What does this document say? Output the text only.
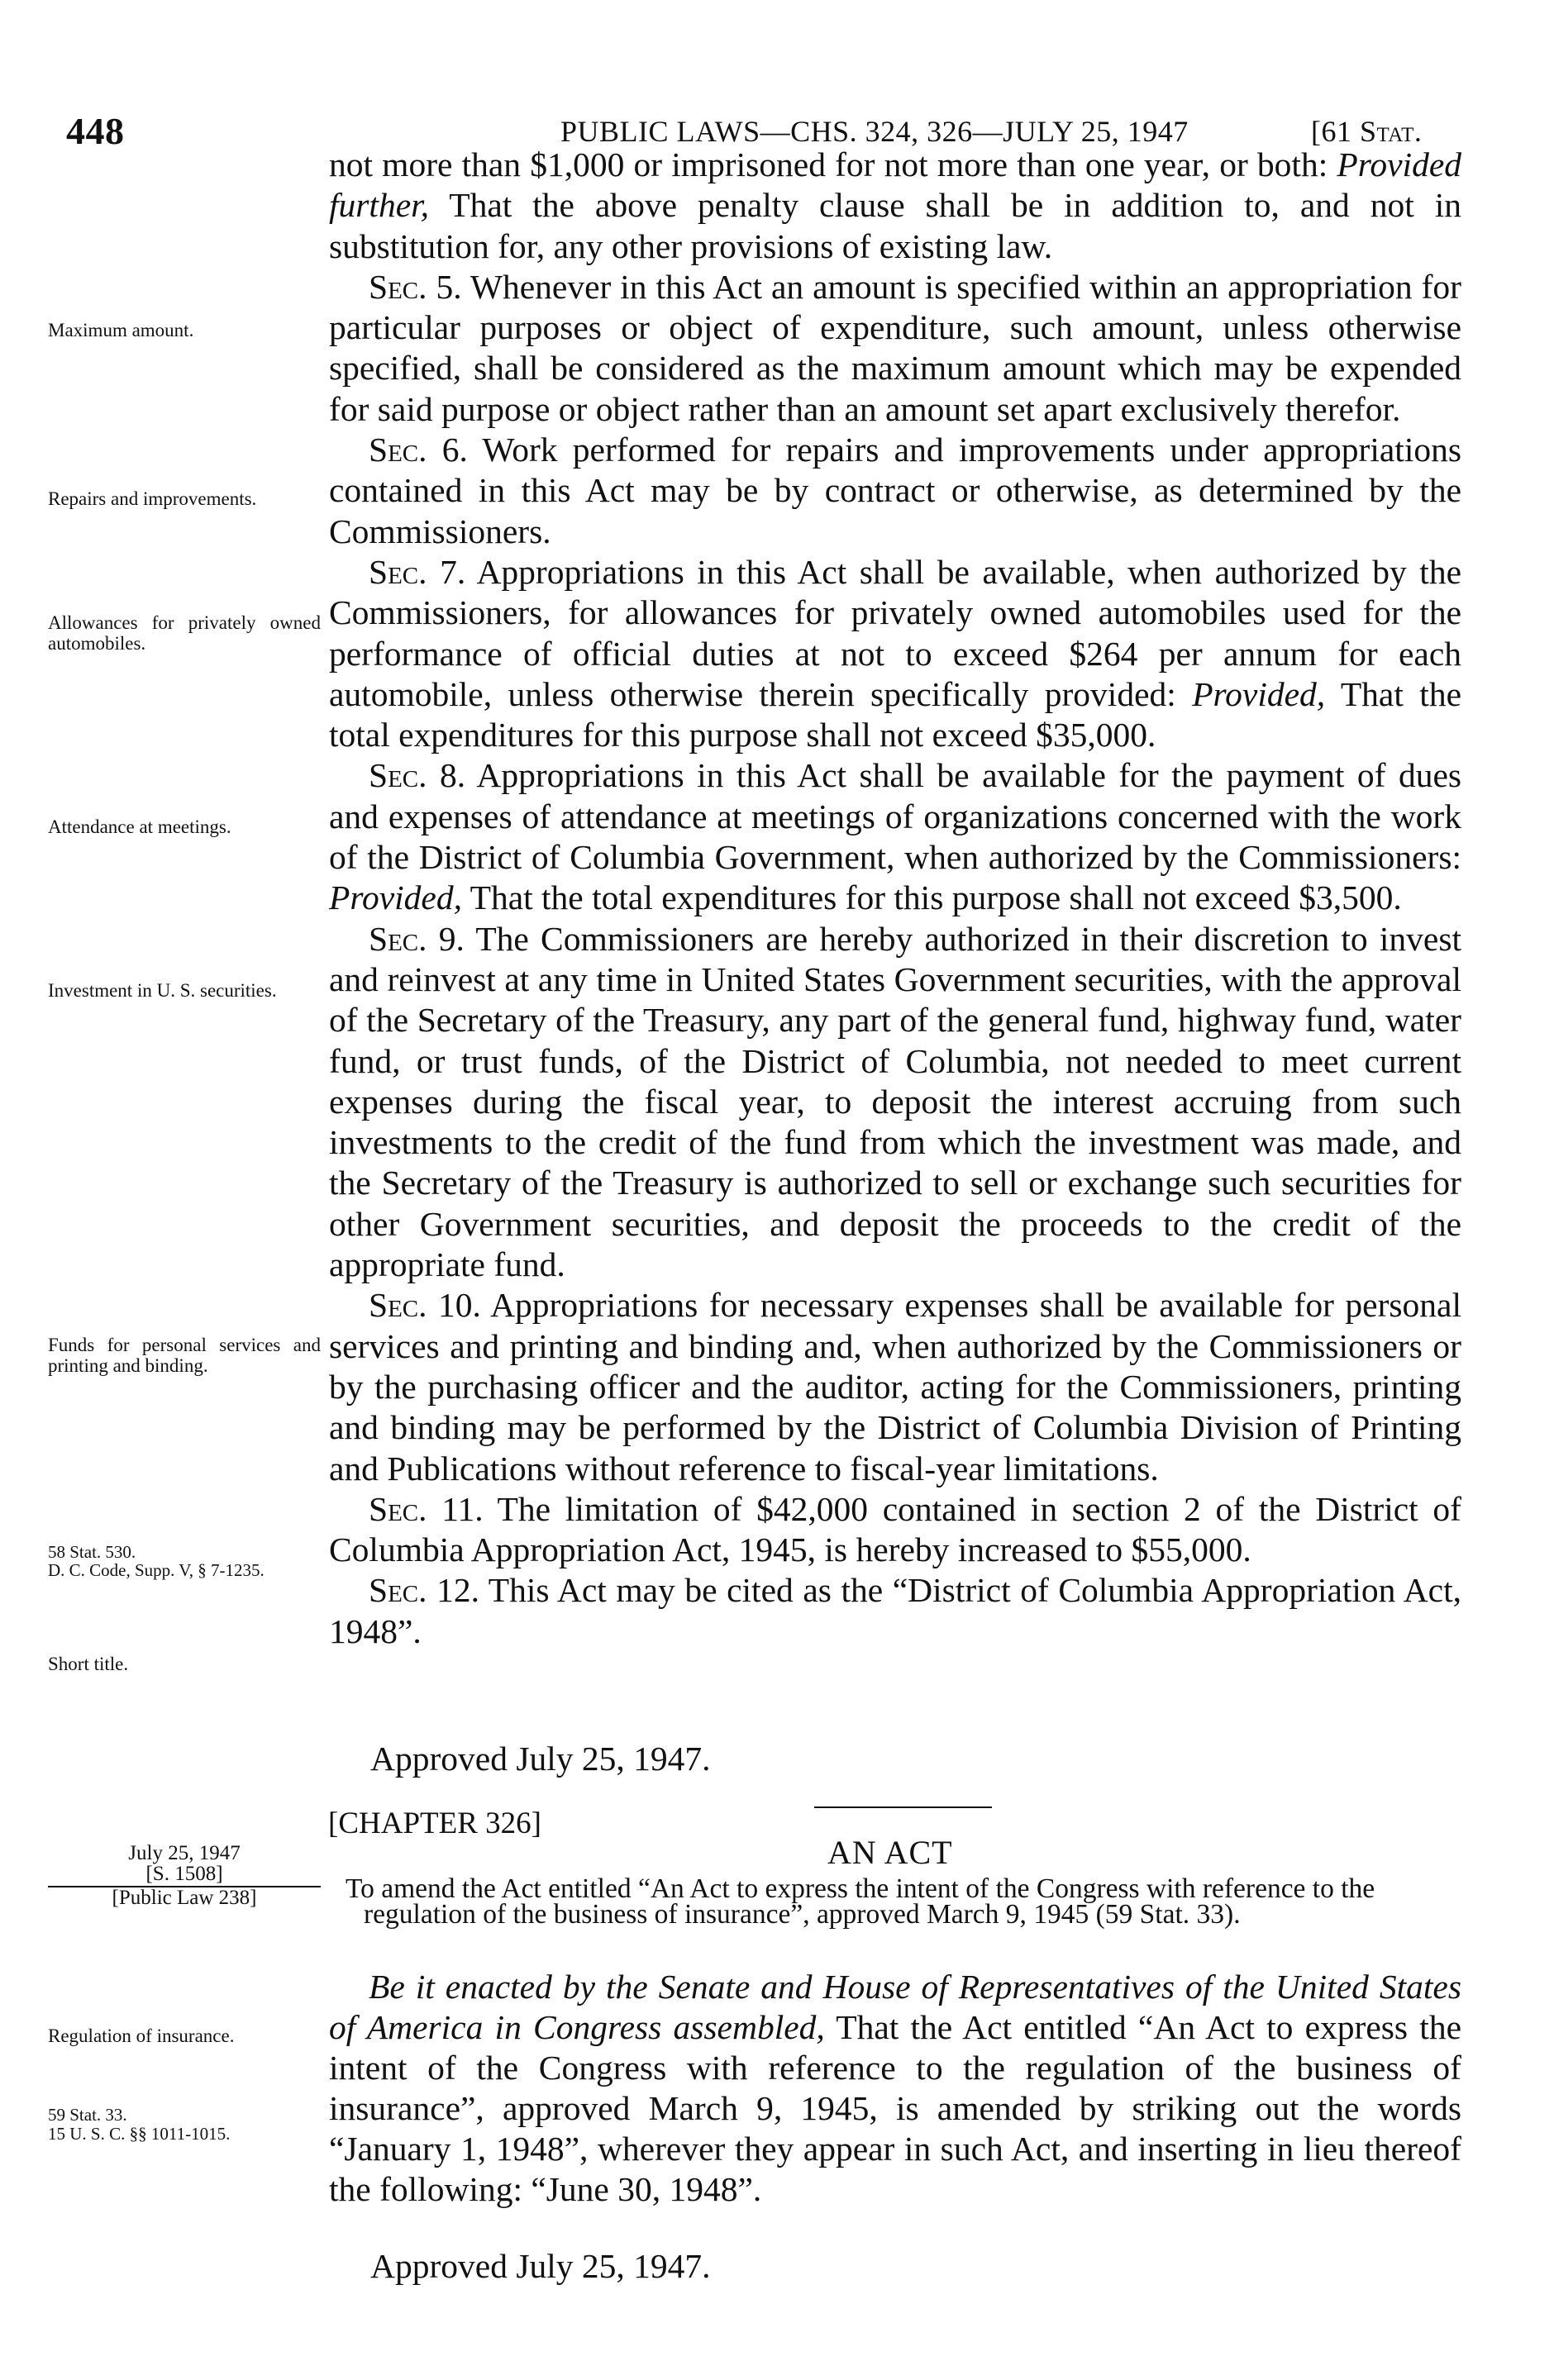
448	PUBLIC LAWS—CHS. 324, 326—JULY 25, 1947	[61 Stat.

not more than $1,000 or imprisoned for not more than one year, or both: Provided further, That the above penalty clause shall be in addition to, and not in substitution for, any other provisions of existing law.

Sec. 5. Whenever in this Act an amount is specified within an appropriation for particular purposes or object of expenditure, such amount, unless otherwise specified, shall be considered as the maximum amount which may be expended for said purpose or object rather than an amount set apart exclusively therefor.

Sec. 6. Work performed for repairs and improvements under appropriations contained in this Act may be by contract or otherwise, as determined by the Commissioners.

Sec. 7. Appropriations in this Act shall be available, when authorized by the Commissioners, for allowances for privately owned automobiles used for the performance of official duties at not to exceed $264 per annum for each automobile, unless otherwise therein specifically provided: Provided, That the total expenditures for this purpose shall not exceed $35,000.

Sec. 8. Appropriations in this Act shall be available for the payment of dues and expenses of attendance at meetings of organizations concerned with the work of the District of Columbia Government, when authorized by the Commissioners: Provided, That the total expenditures for this purpose shall not exceed $3,500.

Sec. 9. The Commissioners are hereby authorized in their discretion to invest and reinvest at any time in United States Government securities, with the approval of the Secretary of the Treasury, any part of the general fund, highway fund, water fund, or trust funds, of the District of Columbia, not needed to meet current expenses during the fiscal year, to deposit the interest accruing from such investments to the credit of the fund from which the investment was made, and the Secretary of the Treasury is authorized to sell or exchange such securities for other Government securities, and deposit the proceeds to the credit of the appropriate fund.

Sec. 10. Appropriations for necessary expenses shall be available for personal services and printing and binding and, when authorized by the Commissioners or by the purchasing officer and the auditor, acting for the Commissioners, printing and binding may be performed by the District of Columbia Division of Printing and Publications without reference to fiscal-year limitations.

Sec. 11. The limitation of $42,000 contained in section 2 of the District of Columbia Appropriation Act, 1945, is hereby increased to $55,000.

Sec. 12. This Act may be cited as the “District of Columbia Appropriation Act, 1948”.

Approved July 25, 1947.
Maximum amount.
Repairs and improvements.
Allowances for privately owned automobiles.
Attendance at meetings.
Investment in U. S. securities.
Funds for personal services and printing and binding.
58 Stat. 530.
D. C. Code, Supp. V, § 7-1235.
Short title.
Regulation of insurance.
59 Stat. 33.
15 U. S. C. §§ 1011-1015.
July 25, 1947
[S. 1508]
[Public Law 238]
[CHAPTER 326]
AN ACT
To amend the Act entitled “An Act to express the intent of the Congress with reference to the regulation of the business of insurance”, approved March 9, 1945 (59 Stat. 33).
Be it enacted by the Senate and House of Representatives of the United States of America in Congress assembled, That the Act entitled “An Act to express the intent of the Congress with reference to the regulation of the business of insurance”, approved March 9, 1945, is amended by striking out the words “January 1, 1948”, wherever they appear in such Act, and inserting in lieu thereof the following: “June 30, 1948”.
Approved July 25, 1947.
